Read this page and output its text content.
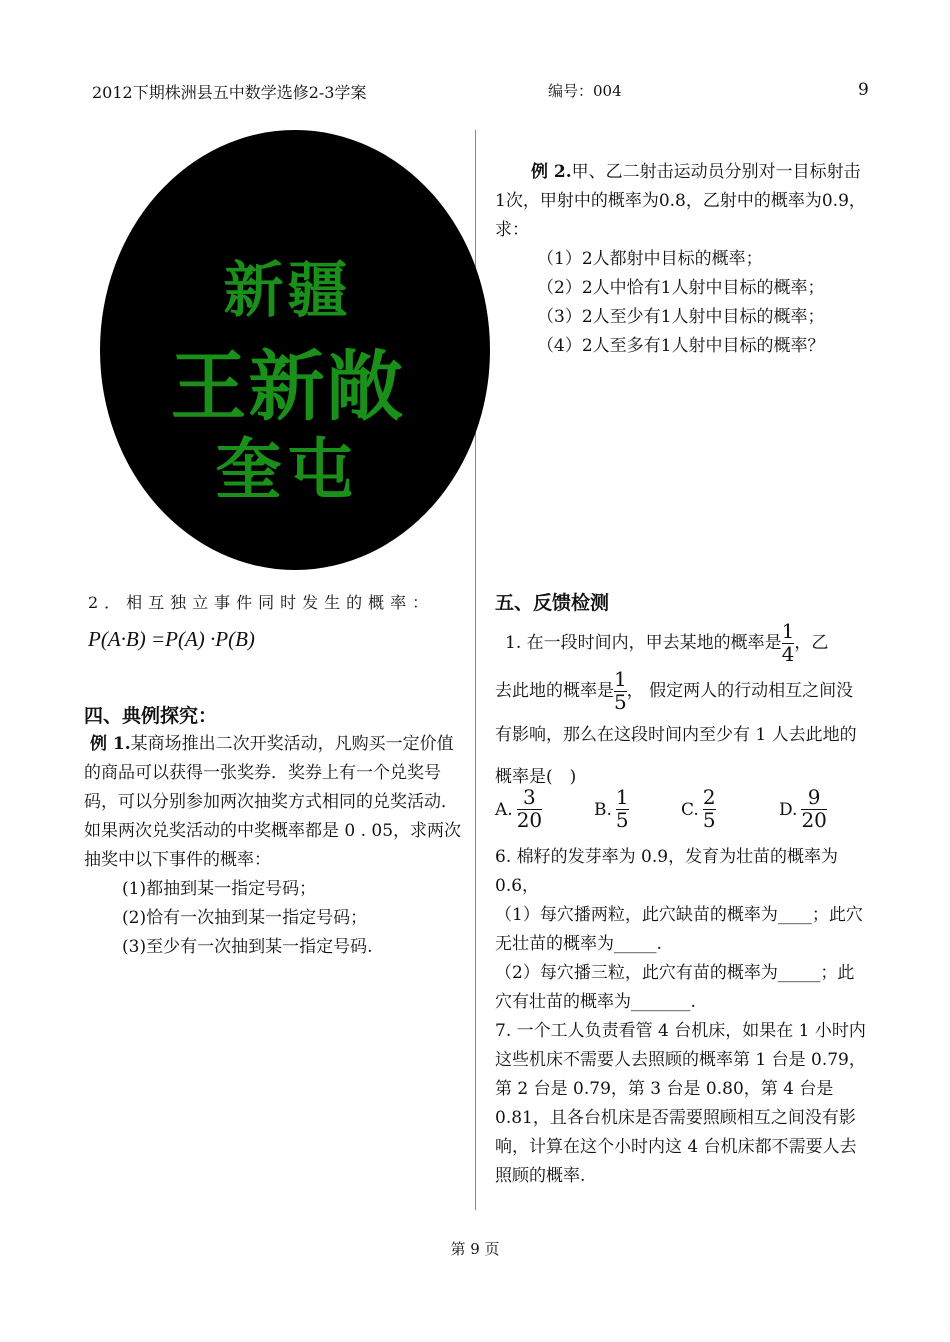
2012下期株洲县五中数学选修2-3学案	编号：004	9
新疆
王新敞
奎屯
2．相互独立事件同时发生的概率：
P(A·B) =P(A) ·P(B)
四、典例探究：

例 1.某商场推出二次开奖活动，凡购买一定价值的商品可以获得一张奖券．奖券上有一个兑奖号码，可以分别参加两次抽奖方式相同的兑奖活动．如果两次兑奖活动的中奖概率都是 0 . 05，求两次抽奖中以下事件的概率：

(1)都抽到某一指定号码；

(2)恰有一次抽到某一指定号码；

(3)至少有一次抽到某一指定号码.

例 2.甲、乙二射击运动员分别对一目标射击1次，甲射中的概率为0.8，乙射中的概率为0.9，求：

（1）2人都射中目标的概率；

（2）2人中恰有1人射中目标的概率；

（3）2人至少有1人射中目标的概率；

（4）2人至多有1人射中目标的概率？

五、反馈检测

1. 在一段时间内，甲去某地的概率是 $\frac{1}{4}$ ，乙

去此地的概率是 $\frac{1}{5}$ ， 假定两人的行动相互之间没有影响，那么在这段时间内至少有 1 人去此地的概率是(　)

A. $\frac{3}{20}$	B. $\frac{1}{5}$	C. $\frac{2}{5}$	D. $\frac{9}{20}$

6. 棉籽的发芽率为 0.9，发育为壮苗的概率为 0.6，

（1）每穴播两粒，此穴缺苗的概率为____；此穴无壮苗的概率为_____.

（2）每穴播三粒，此穴有苗的概率为_____；此穴有壮苗的概率为_______.

7. 一个工人负责看管 4 台机床，如果在 1 小时内这些机床不需要人去照顾的概率第 1 台是 0.79，第 2 台是 0.79，第 3 台是 0.80，第 4 台是 0.81，且各台机床是否需要照顾相互之间没有影响，计算在这个小时内这 4 台机床都不需要人去照顾的概率.

第 9 页
